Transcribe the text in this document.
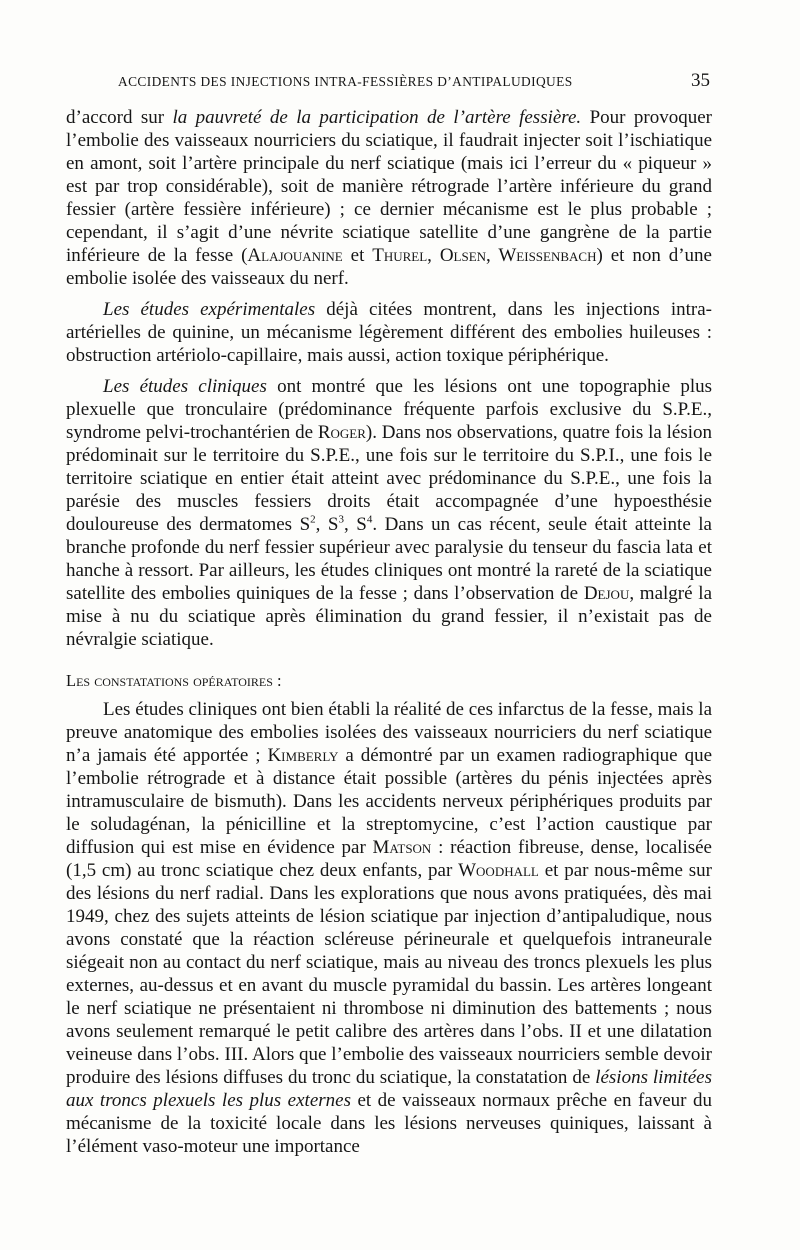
ACCIDENTS DES INJECTIONS INTRA-FESSIÈRES D’ANTIPALUDIQUES	35

d’accord sur la pauvreté de la participation de l’artère fessière. Pour provoquer l’embolie des vaisseaux nourriciers du sciatique, il faudrait injecter soit l’ischiatique en amont, soit l’artère principale du nerf sciatique (mais ici l’erreur du « piqueur » est par trop considérable), soit de manière rétrograde l’artère inférieure du grand fessier (artère fessière inférieure) ; ce dernier mécanisme est le plus probable ; cependant, il s’agit d’une névrite sciatique satellite d’une gangrène de la partie inférieure de la fesse (Alajouanine et Thurel, Olsen, Weissenbach) et non d’une embolie isolée des vaisseaux du nerf.

Les études expérimentales déjà citées montrent, dans les injections intra-artérielles de quinine, un mécanisme légèrement différent des embolies huileuses : obstruction artériolo-capillaire, mais aussi, action toxique périphérique.

Les études cliniques ont montré que les lésions ont une topographie plus plexuelle que tronculaire (prédominance fréquente parfois exclusive du S.P.E., syndrome pelvi-trochantérien de Roger). Dans nos observations, quatre fois la lésion prédominait sur le territoire du S.P.E., une fois sur le territoire du S.P.I., une fois le territoire sciatique en entier était atteint avec prédominance du S.P.E., une fois la parésie des muscles fessiers droits était accompagnée d’une hypoesthésie douloureuse des dermatomes $S^2$, $S^3$, $S^4$. Dans un cas récent, seule était atteinte la branche profonde du nerf fessier supérieur avec paralysie du tenseur du fascia lata et hanche à ressort. Par ailleurs, les études cliniques ont montré la rareté de la sciatique satellite des embolies quiniques de la fesse ; dans l’observation de Dejou, malgré la mise à nu du sciatique après élimination du grand fessier, il n’existait pas de névralgie sciatique.

Les constatations opératoires :

Les études cliniques ont bien établi la réalité de ces infarctus de la fesse, mais la preuve anatomique des embolies isolées des vaisseaux nourriciers du nerf sciatique n’a jamais été apportée ; Kimberly a démontré par un examen radiographique que l’embolie rétrograde et à distance était possible (artères du pénis injectées après intramusculaire de bismuth). Dans les accidents nerveux périphériques produits par le soludagénan, la pénicilline et la streptomycine, c’est l’action caustique par diffusion qui est mise en évidence par Matson : réaction fibreuse, dense, localisée (1,5 cm) au tronc sciatique chez deux enfants, par Woodhall et par nous-même sur des lésions du nerf radial. Dans les explorations que nous avons pratiquées, dès mai 1949, chez des sujets atteints de lésion sciatique par injection d’antipaludique, nous avons constaté que la réaction scléreuse périneurale et quelquefois intraneurale siégeait non au contact du nerf sciatique, mais au niveau des troncs plexuels les plus externes, au-dessus et en avant du muscle pyramidal du bassin. Les artères longeant le nerf sciatique ne présentaient ni thrombose ni diminution des battements ; nous avons seulement remarqué le petit calibre des artères dans l’obs. II et une dilatation veineuse dans l’obs. III. Alors que l’embolie des vaisseaux nourriciers semble devoir produire des lésions diffuses du tronc du sciatique, la constatation de lésions limitées aux troncs plexuels les plus externes et de vaisseaux normaux prêche en faveur du mécanisme de la toxicité locale dans les lésions nerveuses quiniques, laissant à l’élément vaso-moteur une importance
